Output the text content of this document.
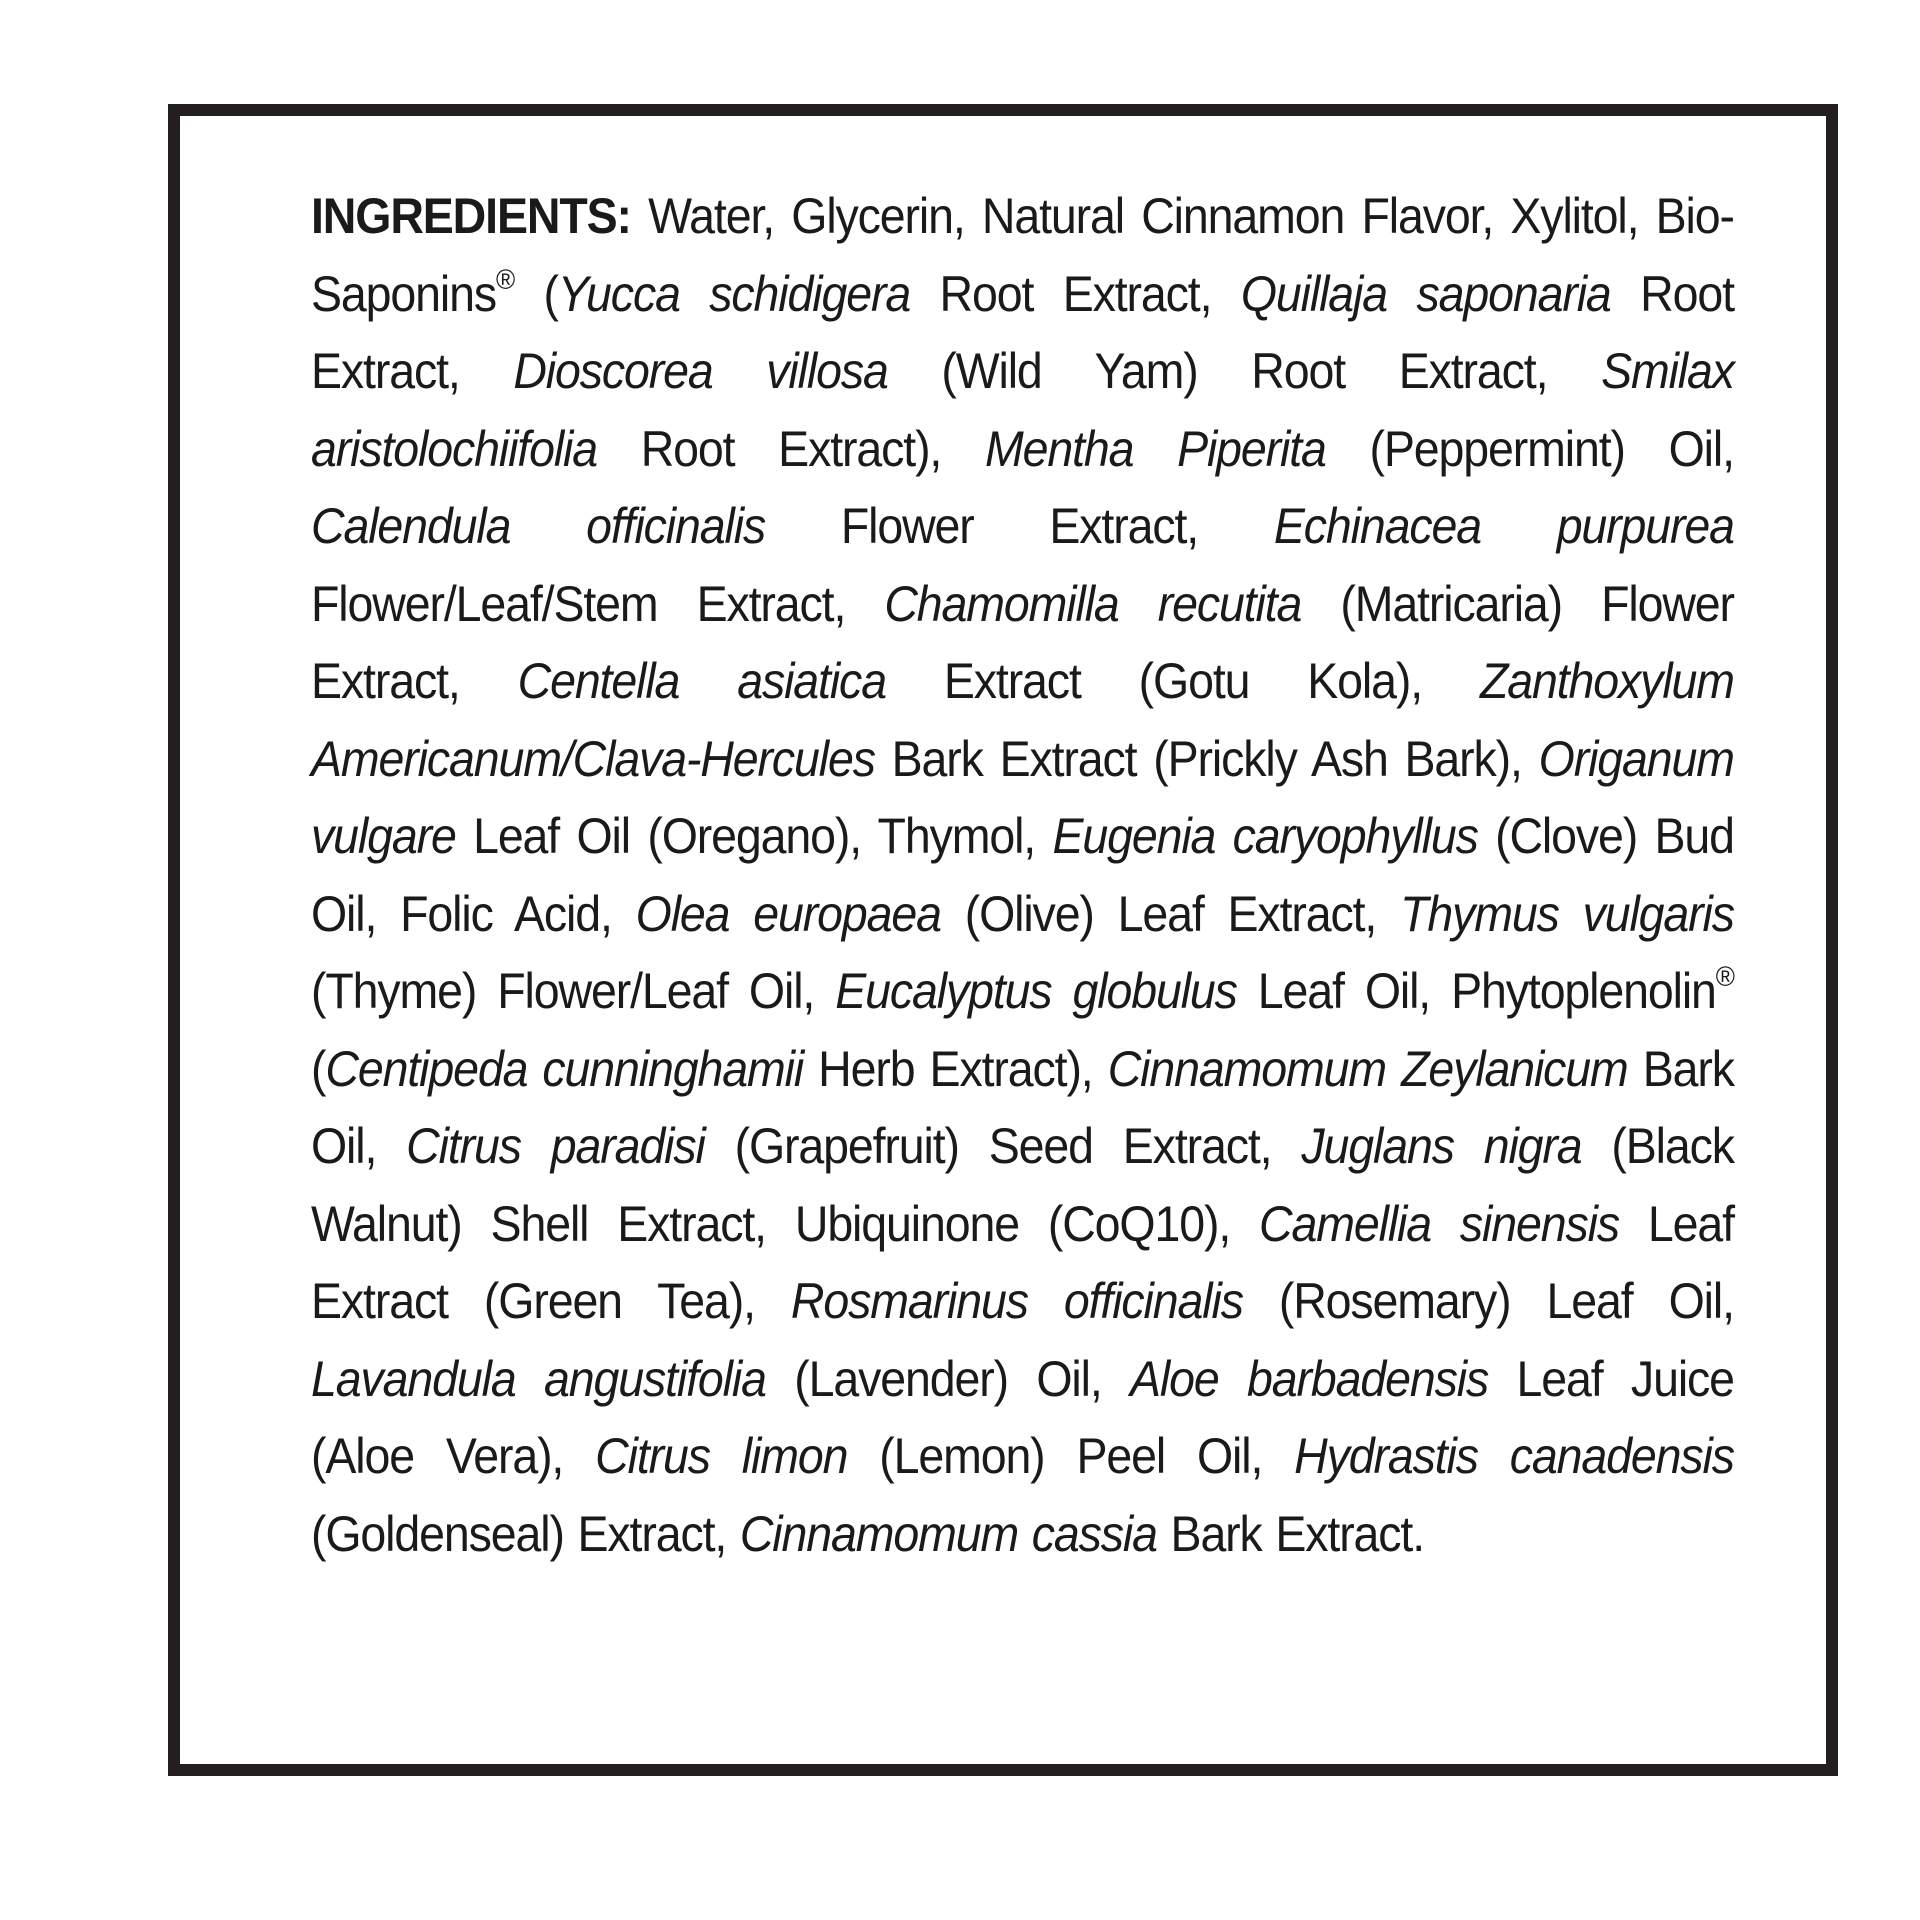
INGREDIENTS: Water, Glycerin, Natural Cinnamon Flavor, Xylitol, Bio-Saponins® (Yucca schidigera Root Extract, Quillaja saponaria Root Extract, Dioscorea villosa (Wild Yam) Root Extract, Smilax aristolochiifolia Root Extract), Mentha Piperita (Peppermint) Oil, Calendula officinalis Flower Extract, Echinacea purpurea Flower/Leaf/Stem Extract, Chamomilla recutita (Matricaria) Flower Extract, Centella asiatica Extract (Gotu Kola), Zanthoxylum Americanum/Clava-Hercules Bark Extract (Prickly Ash Bark), Origanum vulgare Leaf Oil (Oregano), Thymol, Eugenia caryophyllus (Clove) Bud Oil, Folic Acid, Olea europaea (Olive) Leaf Extract, Thymus vulgaris (Thyme) Flower/Leaf Oil, Eucalyptus globulus Leaf Oil, Phytoplenolin® (Centipeda cunninghamii Herb Extract), Cinnamomum Zeylanicum Bark Oil, Citrus paradisi (Grapefruit) Seed Extract, Juglans nigra (Black Walnut) Shell Extract, Ubiquinone (CoQ10), Camellia sinensis Leaf Extract (Green Tea), Rosmarinus officinalis (Rosemary) Leaf Oil, Lavandula angustifolia (Lavender) Oil, Aloe barbadensis Leaf Juice (Aloe Vera), Citrus limon (Lemon) Peel Oil, Hydrastis canadensis (Goldenseal) Extract, Cinnamomum cassia Bark Extract.
